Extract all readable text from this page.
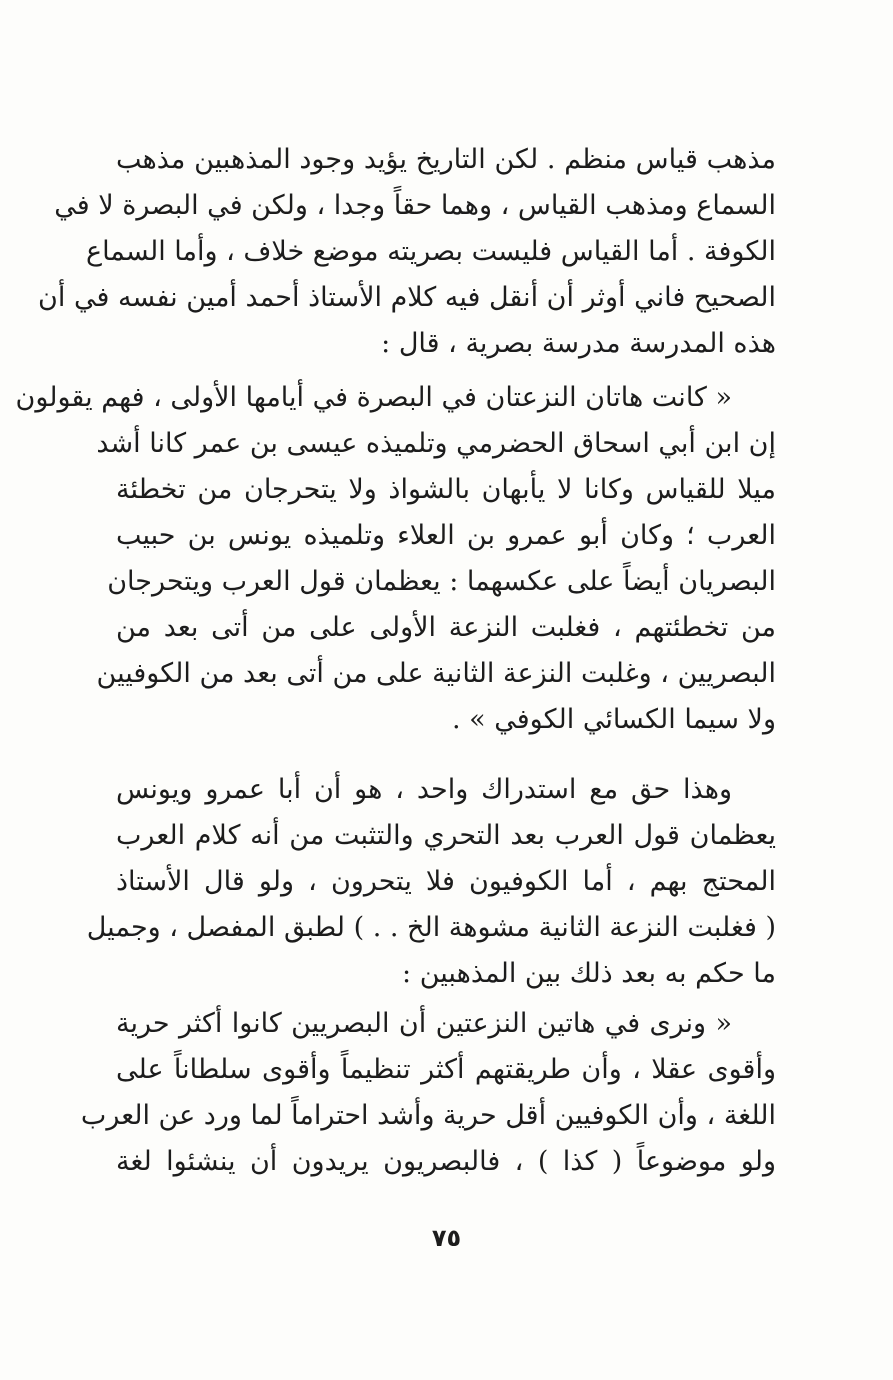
مذهب قياس منظم . لكن التاريخ يؤيد وجود المذهبين مذهب
السماع ومذهب القياس ، وهما حقاً وجدا ، ولكن في البصرة لا في
الكوفة . أما القياس فليست بصريته موضع خلاف ، وأما السماع
الصحيح فاني أوثر أن أنقل فيه كلام الأستاذ أحمد أمين نفسه في أن
هذه المدرسة مدرسة بصرية ، قال :
« كانت هاتان النزعتان في البصرة في أيامها الأولى ، فهم يقولون
إن ابن أبي اسحاق الحضرمي وتلميذه عيسى بن عمر كانا أشد
ميلا للقياس وكانا لا يأبهان بالشواذ ولا يتحرجان من تخطئة
العرب ؛ وكان أبو عمرو بن العلاء وتلميذه يونس بن حبيب
البصريان أيضاً على عكسهما : يعظمان قول العرب ويتحرجان
من تخطئتهم ، فغلبت النزعة الأولى على من أتى بعد من
البصريين ، وغلبت النزعة الثانية على من أتى بعد من الكوفيين
ولا سيما الكسائي الكوفي » .
وهذا حق مع استدراك واحد ، هو أن أبا عمرو ويونس
يعظمان قول العرب بعد التحري والتثبت من أنه كلام العرب
المحتج بهم ، أما الكوفيون فلا يتحرون ، ولو قال الأستاذ
( فغلبت النزعة الثانية مشوهة الخ . . ) لطبق المفصل ، وجميل
ما حكم به بعد ذلك بين المذهبين :
« ونرى في هاتين النزعتين أن البصريين كانوا أكثر حرية
وأقوى عقلا ، وأن طريقتهم أكثر تنظيماً وأقوى سلطاناً على
اللغة ، وأن الكوفيين أقل حرية وأشد احتراماً لما ورد عن العرب
ولو موضوعاً ( كذا ) ، فالبصريون يريدون أن ينشئوا لغة
٧٥
